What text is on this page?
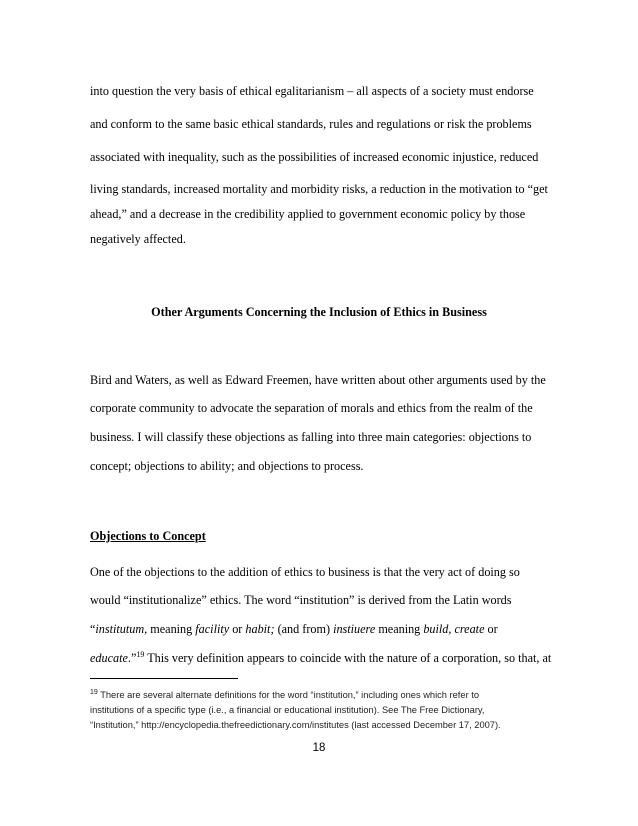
into question the very basis of ethical egalitarianism – all aspects of a society must endorse
and conform to the same basic ethical standards, rules and regulations or risk the problems
associated with inequality, such as the possibilities of increased economic injustice, reduced
living standards, increased mortality and morbidity risks, a reduction in the motivation to “get
ahead,” and a decrease in the credibility applied to government economic policy by those
negatively affected.
Other Arguments Concerning the Inclusion of Ethics in Business
Bird and Waters, as well as Edward Freemen, have written about other arguments used by the
corporate community to advocate the separation of morals and ethics from the realm of the
business. I will classify these objections as falling into three main categories: objections to
concept; objections to ability; and objections to process.
Objections to Concept
One of the objections to the addition of ethics to business is that the very act of doing so
would “institutionalize” ethics. The word “institution” is derived from the Latin words
“institutum, meaning facility or habit; (and from) instiuere meaning build, create or
educate.”$^{19}$ This very definition appears to coincide with the nature of a corporation, so that, at
$^{19}$ There are several alternate definitions for the word “institution,” including ones which refer to
institutions of a specific type (i.e., a financial or educational institution). See The Free Dictionary,
“Institution,” http://encyclopedia.thefreedictionary.com/institutes (last accessed December 17, 2007).
18
